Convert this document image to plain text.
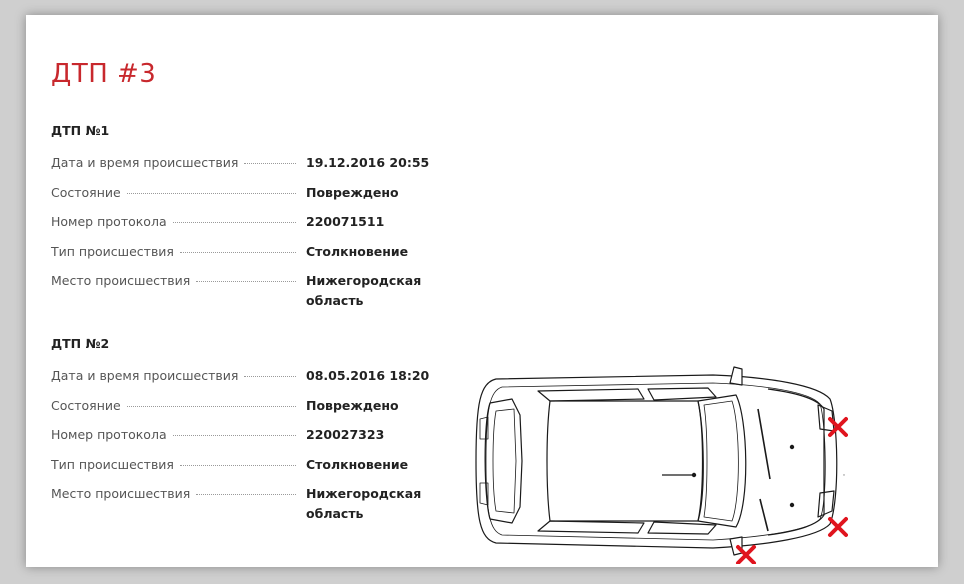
ДТП #3
ДТП №1
Дата и время происшествия	19.12.2016 20:55
Состояние	Повреждено
Номер протокола	220071511
Тип происшествия	Столкновение
Место происшествия	Нижегородская область
ДТП №2
Дата и время происшествия	08.05.2016 18:20
Состояние	Повреждено
Номер протокола	220027323
Тип происшествия	Столкновение
Место происшествия	Нижегородская область
